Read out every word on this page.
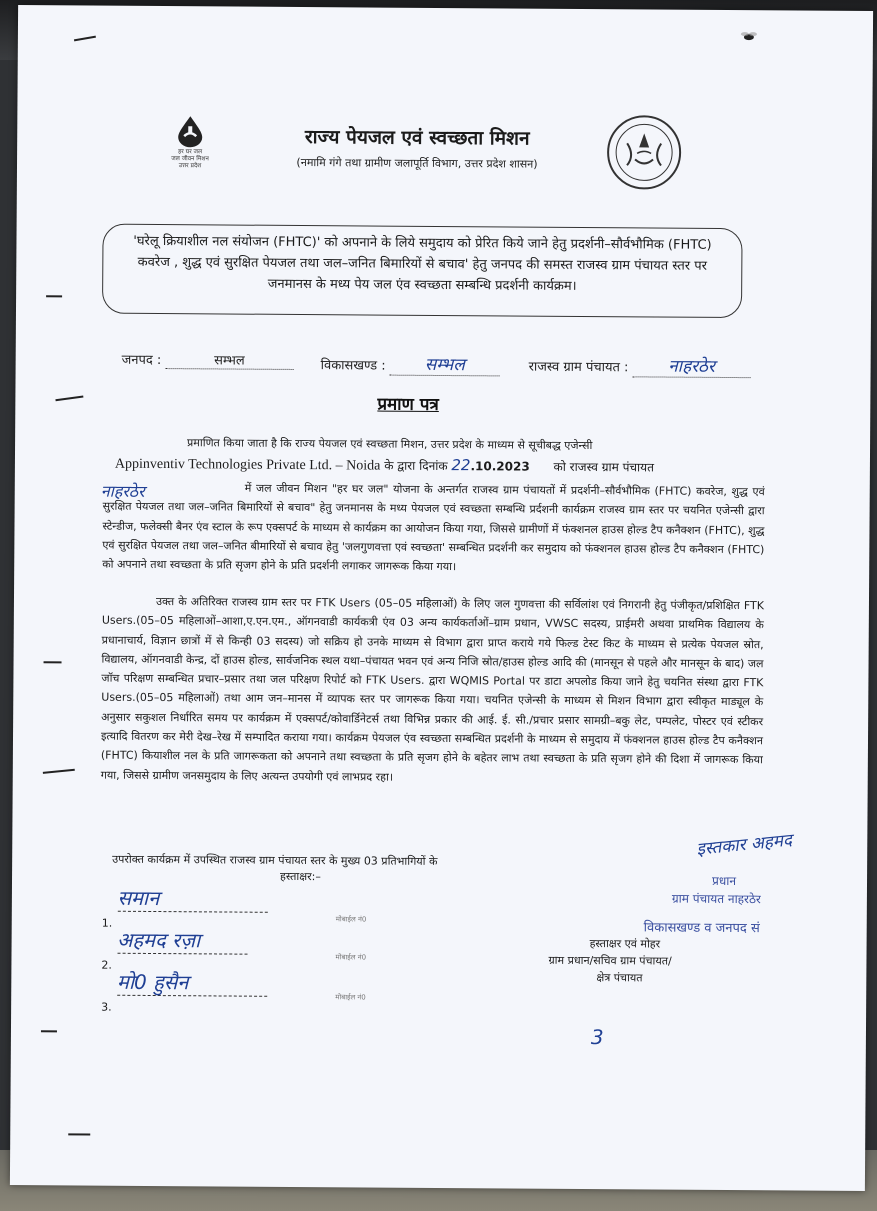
हर घर जल
जल जीवन मिशन
उत्तर प्रदेश
राज्य पेयजल एवं स्वच्छता मिशन
(नमामि गंगे तथा ग्रामीण जलापूर्ति विभाग, उत्तर प्रदेश शासन)
'घरेलू क्रियाशील नल संयोजन (FHTC)' को अपनाने के लिये समुदाय को प्रेरित किये जाने हेतु प्रदर्शनी–सौर्वभौमिक (FHTC) कवरेज , शुद्ध एवं सुरक्षित पेयजल तथा जल–जनित बिमारियों से बचाव' हेतु जनपद की समस्त राजस्व ग्राम पंचायत स्तर पर जनमानस के मध्य पेय जल एंव स्वच्छता सम्बन्धि प्रदर्शनी कार्यक्रम।
जनपद :	सम्भल	विकासखण्ड : सम्भल	राजस्व ग्राम पंचायत : नाहरठेर
प्रमाण पत्र
प्रमाणित किया जाता है कि राज्य पेयजल एवं स्वच्छता मिशन, उत्तर प्रदेश के माध्यम से सूचीबद्ध एजेन्सी
Appinventiv Technologies Private Ltd. – Noida के द्वारा दिनांक 22.10.2023 को राजस्व ग्राम पंचायत
नाहरठेर	में जल जीवन मिशन "हर घर जल" योजना के अन्तर्गत राजस्व ग्राम पंचायतों में प्रदर्शनी–सौर्वभौमिक (FHTC) कवरेज, शुद्ध एवं सुरक्षित पेयजल तथा जल–जनित बिमारियों से बचाव" हेतु जनमानस के मध्य पेयजल एवं स्वच्छता सम्बन्धि प्रर्दशनी कार्यक्रम राजस्व ग्राम स्तर पर चयनित एजेन्सी द्वारा स्टेन्डीज, फलेक्सी बैनर एंव स्टाल के रूप एक्सपर्ट के माध्यम से कार्यक्रम का आयोजन किया गया, जिससे ग्रामीणों में फंक्शनल हाउस होल्ड टैप कनैक्शन (FHTC), शुद्ध एवं सुरक्षित पेयजल तथा जल–जनित बीमारियों से बचाव हेतु 'जलगुणवत्ता एवं स्वच्छता' सम्बन्धित प्रदर्शनी कर समुदाय को फंक्शनल हाउस होल्ड टैप कनैक्शन (FHTC) को अपनाने तथा स्वच्छता के प्रति सृजग होने के प्रति प्रदर्शनी लगाकर जागरूक किया गया।
उक्त के अतिरिक्त राजस्व ग्राम स्तर पर FTK Users (05–05 महिलाओं) के लिए जल गुणवत्ता की सर्विलांश एवं निगरानी हेतु पंजीकृत/प्रशिक्षित FTK Users.(05–05 महिलाओं–आशा,ए.एन.एम., ऑगनवाडी कार्यकत्री एंव 03 अन्य कार्यकर्ताओं–ग्राम प्रधान, VWSC सदस्य, प्राईमरी अथवा प्राथमिक विद्यालय के प्रधानाचार्य, विज्ञान छात्रों में से किन्ही 03 सदस्य) जो सक्रिय हो उनके माध्यम से विभाग द्वारा प्राप्त कराये गये फिल्ड टेस्ट किट के माध्यम से प्रत्येक पेयजल स्रोत, विद्यालय, ऑगनवाडी केन्द्र, दों हाउस होल्ड, सार्वजनिक स्थल यथा–पंचायत भवन एवं अन्य निजि स्रोत/हाउस होल्ड आदि की (मानसून से पहले और मानसून के बाद) जल जॉच परिक्षण सम्बन्धित प्रचार–प्रसार तथा जल परिक्षण रिपोर्ट को FTK Users. द्वारा WQMIS Portal पर डाटा अपलोड किया जाने हेतु चयनित संस्था द्वारा FTK Users.(05–05 महिलाओं) तथा आम जन–मानस में व्यापक स्तर पर जागरूक किया गया। चयनित एजेन्सी के माध्यम से मिशन विभाग द्वारा स्वीकृत माड्यूल के अनुसार सकुशल निर्धारित समय पर कार्यक्रम में एक्सपर्ट/कोवार्डिनेटर्स तथा विभिन्न प्रकार की आई. ई. सी./प्रचार प्रसार सामग्री–बकु लेट, पम्पलेट, पोस्टर एवं स्टीकर इत्यादि वितरण कर मेरी देख–रेख में सम्पादित कराया गया। कार्यक्रम पेयजल एंव स्वच्छता सम्बन्धित प्रदर्शनी के माध्यम से समुदाय में फंक्शनल हाउस होल्ड टैप कनैक्शन (FHTC) कियाशील नल के प्रति जागरूकता को अपनाने तथा स्वच्छता के प्रति सृजग होने के बहेतर लाभ तथा स्वच्छता के प्रति सृजग होने की दिशा में जागरूक किया गया, जिससे ग्रामीण जनसमुदाय के लिए अत्यन्त उपयोगी एवं लाभप्रद रहा।
उपरोक्त कार्यक्रम में उपस्थित राजस्व ग्राम पंचायत स्तर के मुख्य 03 प्रतिभागियों के
हस्ताक्षर:–
$_{1.}$ समान
मोबाईल नं0
$_{2.}$ अहमद रज़ा
मोबाईल नं0
$_{3.}$ मो0 हुसैन
मोबाईल नं0
इस्तकार अहमद
प्रधान
ग्राम पंचायत नाहरठेर
विकासखण्ड व जनपद सं
हस्ताक्षर एवं मोहर
ग्राम प्रधान/सचिव ग्राम पंचायत/
क्षेत्र पंचायत
3
